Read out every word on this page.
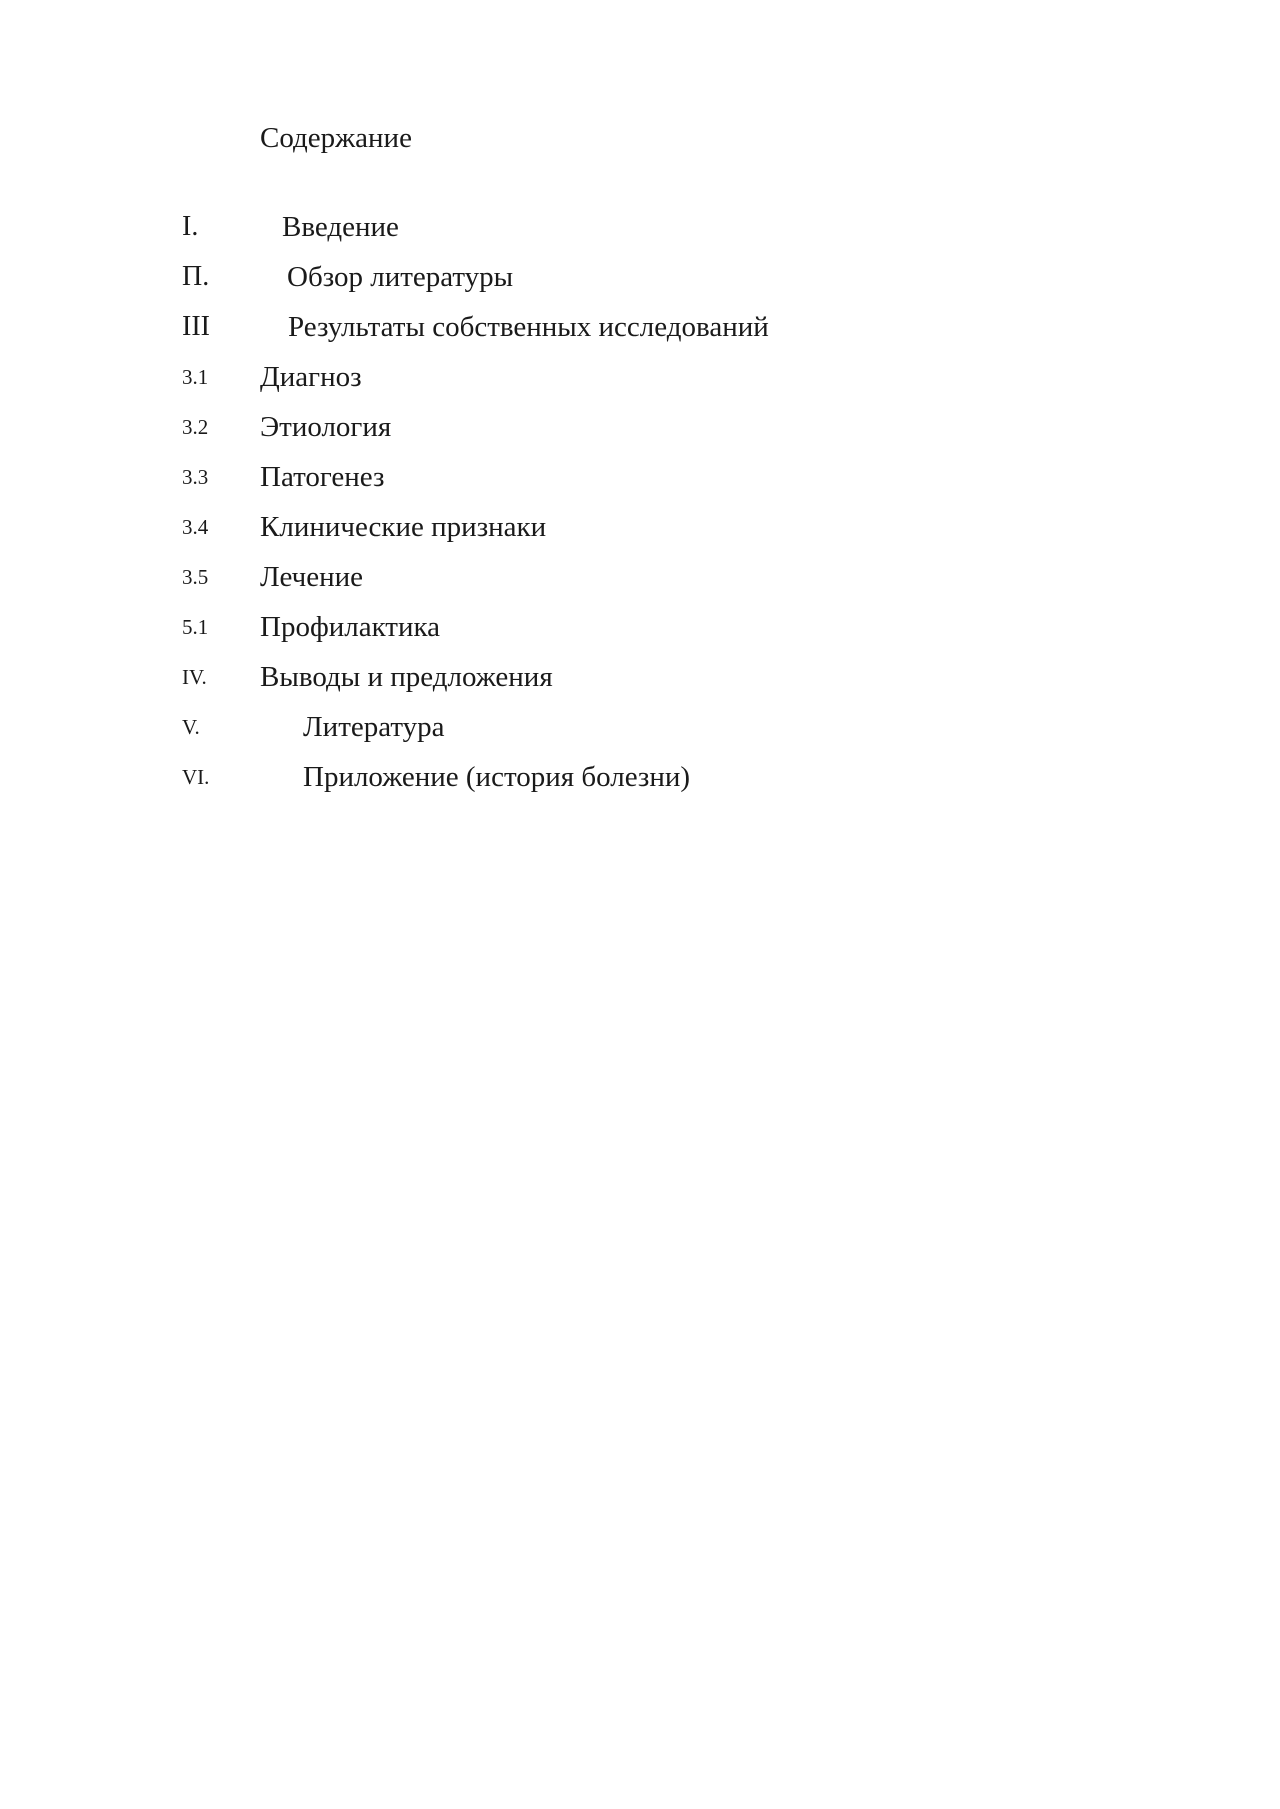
Содержание
I.	Введение
П.	Обзор литературы
III	Результаты собственных исследований
3.1 Диагноз
3.2 Этиология
3.3 Патогенез
3.4 Клинические признаки
3.5 Лечение
5.1 Профилактика
IV. Выводы и предложения
V.	Литература
VI.	Приложение (история болезни)
